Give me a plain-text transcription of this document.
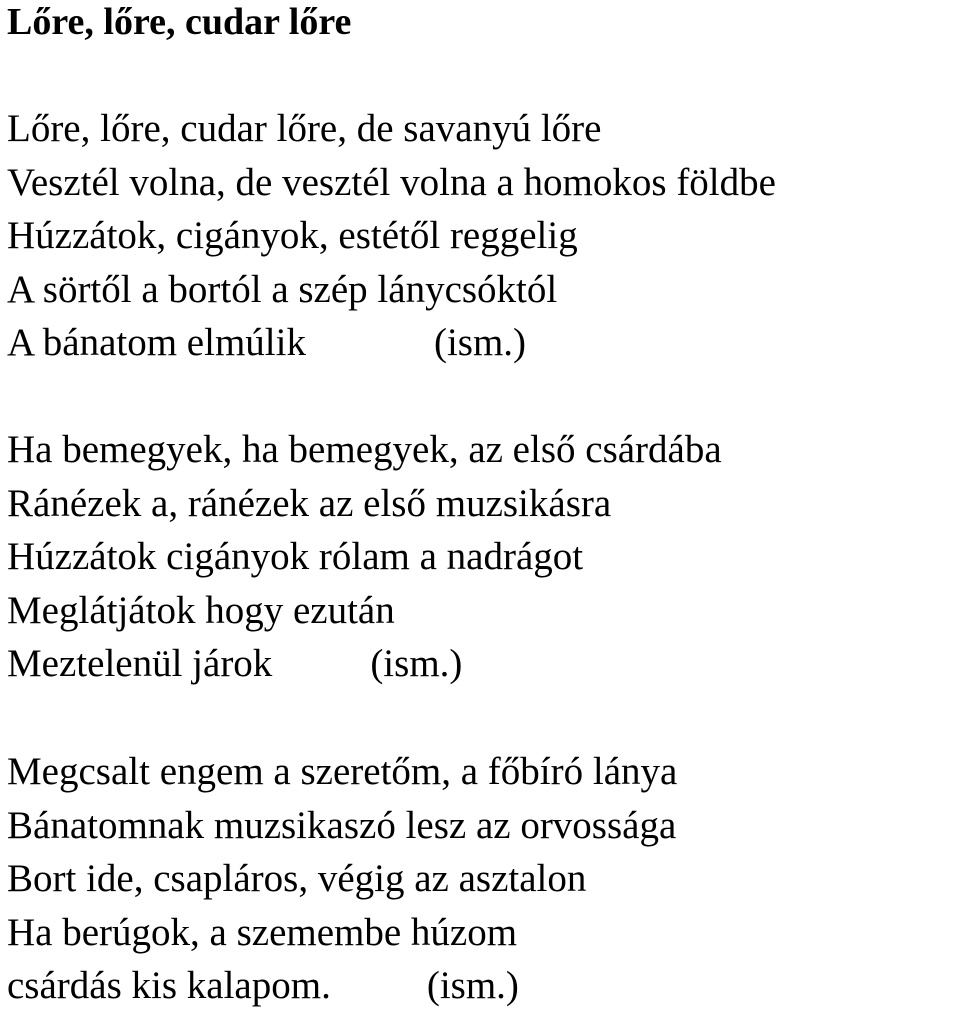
Lőre, lőre, cudar lőre
Lőre, lőre, cudar lőre, de savanyú lőre
Vesztél volna, de vesztél volna a homokos földbe
Húzzátok, cigányok, estétől reggelig
A sörtől a bortól a szép lánycsóktól
A bánatom elmúlik	(ism.)
Ha bemegyek, ha bemegyek, az első csárdába
Ránézek a, ránézek az első muzsikásra
Húzzátok cigányok rólam a nadrágot
Meglátjátok hogy ezután
Meztelenül járok	(ism.)
Megcsalt engem a szeretőm, a főbíró lánya
Bánatomnak muzsikaszó lesz az orvossága
Bort ide, csapláros, végig az asztalon
Ha berúgok, a szemembe húzom
csárdás kis kalapom. (ism.)
